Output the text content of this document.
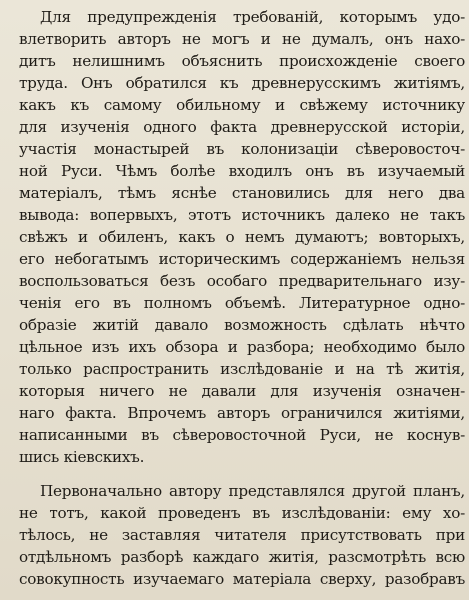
Для предупрежденія требованій, которымъ удо-
влетворить авторъ не могъ и не думалъ, онъ нахо-
дитъ нелишнимъ объяснить происхожденіе своего
труда. Онъ обратился къ древнерусскимъ житіямъ,
какъ къ самому обильному и свѣжему источнику
для изученія одного факта древнерусской исторіи,
участія монастырей въ колонизаціи сѣверовосточ-
ной Руси. Чѣмъ болѣе входилъ онъ въ изучаемый
матеріалъ, тѣмъ яснѣе становились для него два
вывода: вопервыхъ, этотъ источникъ далеко не такъ
свѣжъ и обиленъ, какъ о немъ думаютъ; вовторыхъ,
его небогатымъ историческимъ содержаніемъ нельзя
воспользоваться безъ особаго предварительнаго изу-
ченія его въ полномъ объемѣ. Литературное одно-
образіе житій давало возможность сдѣлать нѣчто
цѣльное изъ ихъ обзора и разбора; необходимо было
только распространить изслѣдованіе и на тѣ житія,
которыя ничего не давали для изученія означен-
наго факта. Впрочемъ авторъ ограничился житіями,
написанными въ сѣверовосточной Руси, не коснув-
шись кіевскихъ.
Первоначально автору представлялся другой планъ,
не тотъ, какой проведенъ въ изслѣдованіи: ему хо-
тѣлось, не заставляя читателя присутствовать при
отдѣльномъ разборѣ каждаго житія, разсмотрѣть всю
совокупность изучаемаго матеріала сверху, разобравъ
